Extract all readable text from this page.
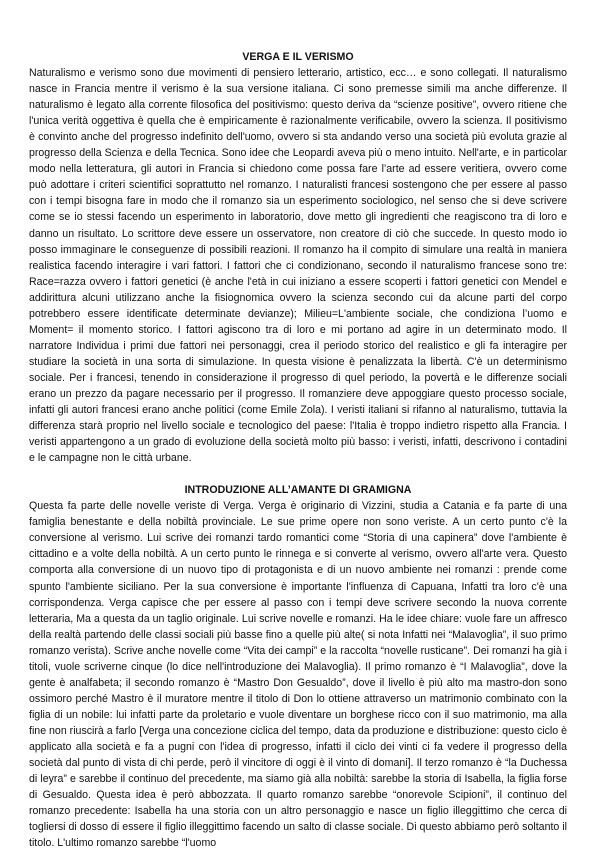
VERGA E IL VERISMO

Naturalismo e verismo sono due movimenti di pensiero letterario, artistico, ecc… e sono collegati. Il naturalismo nasce in Francia mentre il verismo è la sua versione italiana. Ci sono premesse simili ma anche differenze. Il naturalismo è legato alla corrente filosofica del positivismo: questo deriva da “scienze positive”, ovvero ritiene che l'unica verità oggettiva è quella che è empiricamente è razionalmente verificabile, ovvero la scienza. Il positivismo è convinto anche del progresso indefinito dell'uomo, ovvero si sta andando verso una società più evoluta grazie al progresso della Scienza e della Tecnica. Sono idee che Leopardi aveva più o meno intuito. Nell'arte, e in particolar modo nella letteratura, gli autori in Francia si chiedono come possa fare l’arte ad essere veritiera, ovvero come può adottare i criteri scientifici soprattutto nel romanzo. I naturalisti francesi sostengono che per essere al passo con i tempi bisogna fare in modo che il romanzo sia un esperimento sociologico, nel senso che si deve scrivere come se io stessi facendo un esperimento in laboratorio, dove metto gli ingredienti che reagiscono tra di loro e danno un risultato. Lo scrittore deve essere un osservatore, non creatore di ciò che succede. In questo modo io posso immaginare le conseguenze di possibili reazioni. Il romanzo ha il compito di simulare una realtà in maniera realistica facendo interagire i vari fattori. I fattori che ci condizionano, secondo il naturalismo francese sono tre: Race=razza ovvero i fattori genetici (è anche l'età in cui iniziano a essere scoperti i fattori genetici con Mendel e addirittura alcuni utilizzano anche la fisiognomica ovvero la scienza secondo cui da alcune parti del corpo potrebbero essere identificate determinate devianze); Milieu=L'ambiente sociale, che condiziona l’uomo e Moment= il momento storico. I fattori agiscono tra di loro e mi portano ad agire in un determinato modo. Il narratore Individua i primi due fattori nei personaggi, crea il periodo storico del realistico e gli fa interagire per studiare la società in una sorta di simulazione. In questa visione è penalizzata la libertà. C'è un determinismo sociale. Per i francesi, tenendo in considerazione il progresso di quel periodo, la povertà e le differenze sociali erano un prezzo da pagare necessario per il progresso. Il romanziere deve appoggiare questo processo sociale, infatti gli autori francesi erano anche politici (come Emile Zola). I veristi italiani si rifanno al naturalismo, tuttavia la differenza starà proprio nel livello sociale e tecnologico del paese: l'Italia è troppo indietro rispetto alla Francia. I veristi appartengono a un grado di evoluzione della società molto più basso: i veristi, infatti, descrivono i contadini e le campagne non le città urbane.

INTRODUZIONE ALL’AMANTE DI GRAMIGNA

Questa fa parte delle novelle veriste di Verga. Verga è originario di Vizzini, studia a Catania e fa parte di una famiglia benestante e della nobiltà provinciale. Le sue prime opere non sono veriste. A un certo punto c'è la conversione al verismo. Lui scrive dei romanzi tardo romantici come “Storia di una capinera” dove l'ambiente è cittadino e a volte della nobiltà. A un certo punto le rinnega e si converte al verismo, ovvero all'arte vera. Questo comporta alla conversione di un nuovo tipo di protagonista e di un nuovo ambiente nei romanzi : prende come spunto l'ambiente siciliano. Per la sua conversione è importante l'influenza di Capuana, Infatti tra loro c'è una corrispondenza. Verga capisce che per essere al passo con i tempi deve scrivere secondo la nuova corrente letteraria, Ma a questa da un taglio originale. Lui scrive novelle e romanzi. Ha le idee chiare: vuole fare un affresco della realtà partendo delle classi sociali più basse fino a quelle più alte( si nota Infatti nei “Malavoglia”, il suo primo romanzo verista). Scrive anche novelle come “Vita dei campi” e la raccolta “novelle rusticane”. Dei romanzi ha già i titoli, vuole scriverne cinque (lo dice nell'introduzione dei Malavoglia). Il primo romanzo è “I Malavoglia”, dove la gente è analfabeta; il secondo romanzo è “Mastro Don Gesualdo”, dove il livello è più alto ma mastro-don sono ossimoro perché Mastro è il muratore mentre il titolo di Don lo ottiene attraverso un matrimonio combinato con la figlia di un nobile: lui infatti parte da proletario e vuole diventare un borghese ricco con il suo matrimonio, ma alla fine non riuscirà a farlo [Verga una concezione ciclica del tempo, data da produzione e distribuzione: questo ciclo è applicato alla società e fa a pugni con l'idea di progresso, infatti il ciclo dei vinti ci fa vedere il progresso della società dal punto di vista di chi perde, però il vincitore di oggi è il vinto di domani]. Il terzo romanzo è “la Duchessa di leyra” e sarebbe il continuo del precedente, ma siamo già alla nobiltà: sarebbe la storia di Isabella, la figlia forse di Gesualdo. Questa idea è però abbozzata. Il quarto romanzo sarebbe “onorevole Scipioni”, il continuo del romanzo precedente: Isabella ha una storia con un altro personaggio e nasce un figlio illeggittimo che cerca di togliersi di dosso di essere il figlio illeggittimo facendo un salto di classe sociale. Di questo abbiamo però soltanto il titolo. L'ultimo romanzo sarebbe “l'uomo
